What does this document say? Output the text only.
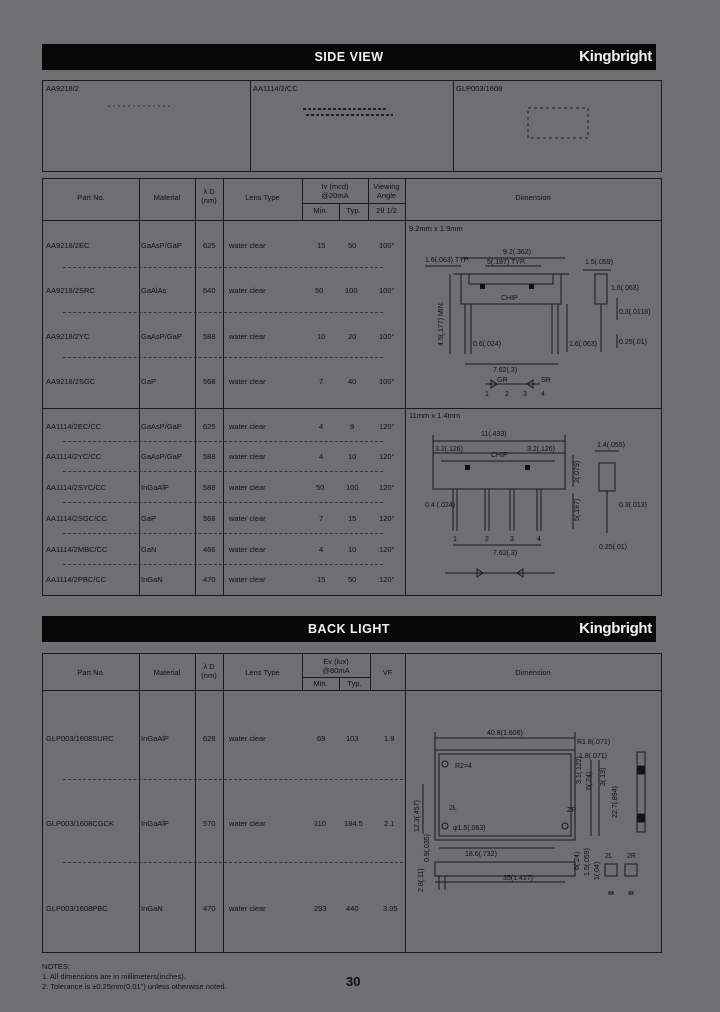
SIDE VIEW	Kingbright
AA9218/2	AA1114/2/CC	GLP003/1608
Part No.	Material
λ D
(nm)	Lens Type
Iv (mcd)
@20mA
Min.	Typ.
Viewing
Angle
2θ 1/2
Dimension
AA9218/2EC	GaAsP/GaP	625 water clear	15	50	100°
AA9218/2SRC	GaAlAs	640 water clear	50	100	100°
AA9218/2YC	GaAsP/GaP	588 water clear	10	20	100°
AA9218/2SGC	GaP	568 water clear	7	40	100°
9.2mm x 1.9mm
9.2(.362)
5(.197) TYP.
1.6(.063) TYP.	1.5(.059)
1.6(.063)
CHIP
0.6(.024)
7.62(.3)
1.6(.063)
0.3(.0118)
0.25(.01)
SR
GR
1 2 3 4
4.5(.177) MIN.
AA1114/2EC/CC	GaAsP/GaP	625 water clear	4	9	120°
AA1114/2YC/CC	GaAsP/GaP	588 water clear	4	10	120°
AA1114/2SYC/CC	InGaAlP	588 water clear	50	100	120°
AA1114/2SGC/CC	GaP	568 water clear	7	15	120°
AA1114/2MBC/CC	GaN	466 water clear	4	10	120°
AA1114/2PBC/CC	InGaN	470 water clear	15	50	120°
11mm x 1.4mm
11(.433)
3.2(.126)	3.2(.126)
CHIP
1.4(.055)
0.3(.013)
0.4 (.024)
7.62(.3)
0.25(.01)
5(.197)
2(.079)
1	2	3	4
BACK LIGHT	Kingbright
Part No.	Material
λ D
(nm)	Lens Type
Ev (lux)
@80mA
Min.	Typ.
VF	Dimension
GLP003/1608SURC	InGaAlP	628 water clear	69	103	1.9
GLP003/1608CGCK	InGaAlP	570 water clear	110 184.5	2.1
GLP003/1608PBC	InGaN	470 water clear	293	440	3.05
40.8(1.606)
R1.8(.071)
R2=4
1.8(.071)
3.1(.122) 6(.24) 3(.13)
22.7(.894)
φ1.5(.063)
12.3(.457)
18.6(.732)
0.9(.035)
35(1.417)
2.8(.11)
6(.24) 1.5(.059) 1(.04)
2L	ZR
2L 2R
NOTES:
1. All dimensions are in millimeters(inches).
2. Tolerance is ±0.25mm(0.01") unless otherwise noted.	30
